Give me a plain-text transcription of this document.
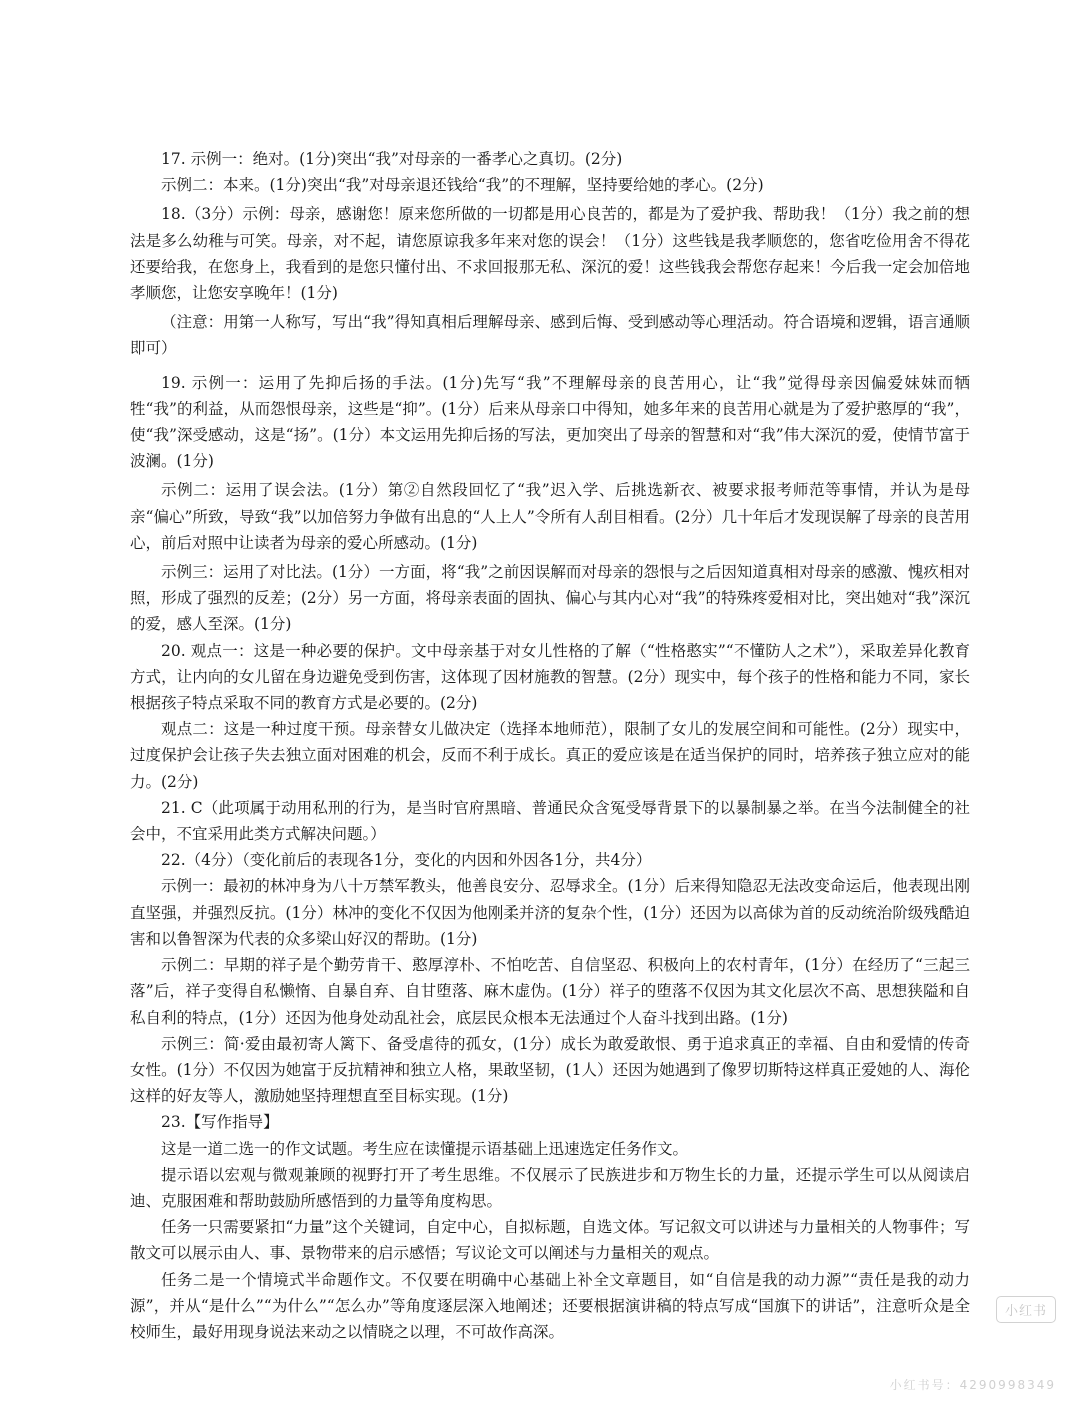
17. 示例一：绝对。(1分)突出“我”对母亲的一番孝心之真切。(2分)

示例二：本来。(1分)突出“我”对母亲退还钱给“我”的不理解，坚持要给她的孝心。(2分)

18.（3分）示例：母亲，感谢您！原来您所做的一切都是用心良苦的，都是为了爱护我、帮助我！（1分）我之前的想法是多么幼稚与可笑。母亲，对不起，请您原谅我多年来对您的误会！（1分）这些钱是我孝顺您的，您省吃俭用舍不得花还要给我，在您身上，我看到的是您只懂付出、不求回报那无私、深沉的爱！这些钱我会帮您存起来！今后我一定会加倍地孝顺您，让您安享晚年！(1分)

（注意：用第一人称写，写出“我”得知真相后理解母亲、感到后悔、受到感动等心理活动。符合语境和逻辑，语言通顺即可）

19. 示例一：运用了先抑后扬的手法。(1分)先写“我”不理解母亲的良苦用心，让“我”觉得母亲因偏爱妹妹而牺牲“我”的利益，从而怨恨母亲，这些是“抑”。(1分）后来从母亲口中得知，她多年来的良苦用心就是为了爱护憨厚的“我”，使“我”深受感动，这是“扬”。(1分）本文运用先抑后扬的写法，更加突出了母亲的智慧和对“我”伟大深沉的爱，使情节富于波澜。(1分)

示例二：运用了误会法。(1分）第②自然段回忆了“我”迟入学、后挑选新衣、被要求报考师范等事情，并认为是母亲“偏心”所致，导致“我”以加倍努力争做有出息的“人上人”令所有人刮目相看。(2分）几十年后才发现误解了母亲的良苦用心，前后对照中让读者为母亲的爱心所感动。(1分)

示例三：运用了对比法。(1分）一方面，将“我”之前因误解而对母亲的怨恨与之后因知道真相对母亲的感激、愧疚相对照，形成了强烈的反差；(2分）另一方面，将母亲表面的固执、偏心与其内心对“我”的特殊疼爱相对比，突出她对“我”深沉的爱，感人至深。(1分)

20. 观点一：这是一种必要的保护。文中母亲基于对女儿性格的了解（“性格憨实”“不懂防人之术”），采取差异化教育方式，让内向的女儿留在身边避免受到伤害，这体现了因材施教的智慧。(2分）现实中，每个孩子的性格和能力不同，家长根据孩子特点采取不同的教育方式是必要的。(2分)

观点二：这是一种过度干预。母亲替女儿做决定（选择本地师范），限制了女儿的发展空间和可能性。(2分）现实中，过度保护会让孩子失去独立面对困难的机会，反而不利于成长。真正的爱应该是在适当保护的同时，培养孩子独立应对的能力。(2分)

21. C（此项属于动用私刑的行为，是当时官府黑暗、普通民众含冤受辱背景下的以暴制暴之举。在当今法制健全的社会中，不宜采用此类方式解决问题。）

22.（4分）（变化前后的表现各1分，变化的内因和外因各1分，共4分）

示例一：最初的林冲身为八十万禁军教头，他善良安分、忍辱求全。(1分）后来得知隐忍无法改变命运后，他表现出刚直坚强，并强烈反抗。(1分）林冲的变化不仅因为他刚柔并济的复杂个性，(1分）还因为以高俅为首的反动统治阶级残酷迫害和以鲁智深为代表的众多梁山好汉的帮助。(1分)

示例二：早期的祥子是个勤劳肯干、憨厚淳朴、不怕吃苦、自信坚忍、积极向上的农村青年，(1分）在经历了“三起三落”后，祥子变得自私懒惰、自暴自弃、自甘堕落、麻木虚伪。(1分）祥子的堕落不仅因为其文化层次不高、思想狭隘和自私自利的特点，(1分）还因为他身处动乱社会，底层民众根本无法通过个人奋斗找到出路。(1分)

示例三：简·爱由最初寄人篱下、备受虐待的孤女，(1分）成长为敢爱敢恨、勇于追求真正的幸福、自由和爱情的传奇女性。(1分）不仅因为她富于反抗精神和独立人格，果敢坚韧，(1人）还因为她遇到了像罗切斯特这样真正爱她的人、海伦这样的好友等人，激励她坚持理想直至目标实现。(1分)

23.【写作指导】

这是一道二选一的作文试题。考生应在读懂提示语基础上迅速选定任务作文。

提示语以宏观与微观兼顾的视野打开了考生思维。不仅展示了民族进步和万物生长的力量，还提示学生可以从阅读启迪、克服困难和帮助鼓励所感悟到的力量等角度构思。

任务一只需要紧扣“力量”这个关键词，自定中心，自拟标题，自选文体。写记叙文可以讲述与力量相关的人物事件；写散文可以展示由人、事、景物带来的启示感悟；写议论文可以阐述与力量相关的观点。

任务二是一个情境式半命题作文。不仅要在明确中心基础上补全文章题目，如“自信是我的动力源”“责任是我的动力源”，并从“是什么”“为什么”“怎么办”等角度逐层深入地阐述；还要根据演讲稿的特点写成“国旗下的讲话”，注意听众是全校师生，最好用现身说法来动之以情晓之以理，不可故作高深。

小红书
小红书号：4290998349
